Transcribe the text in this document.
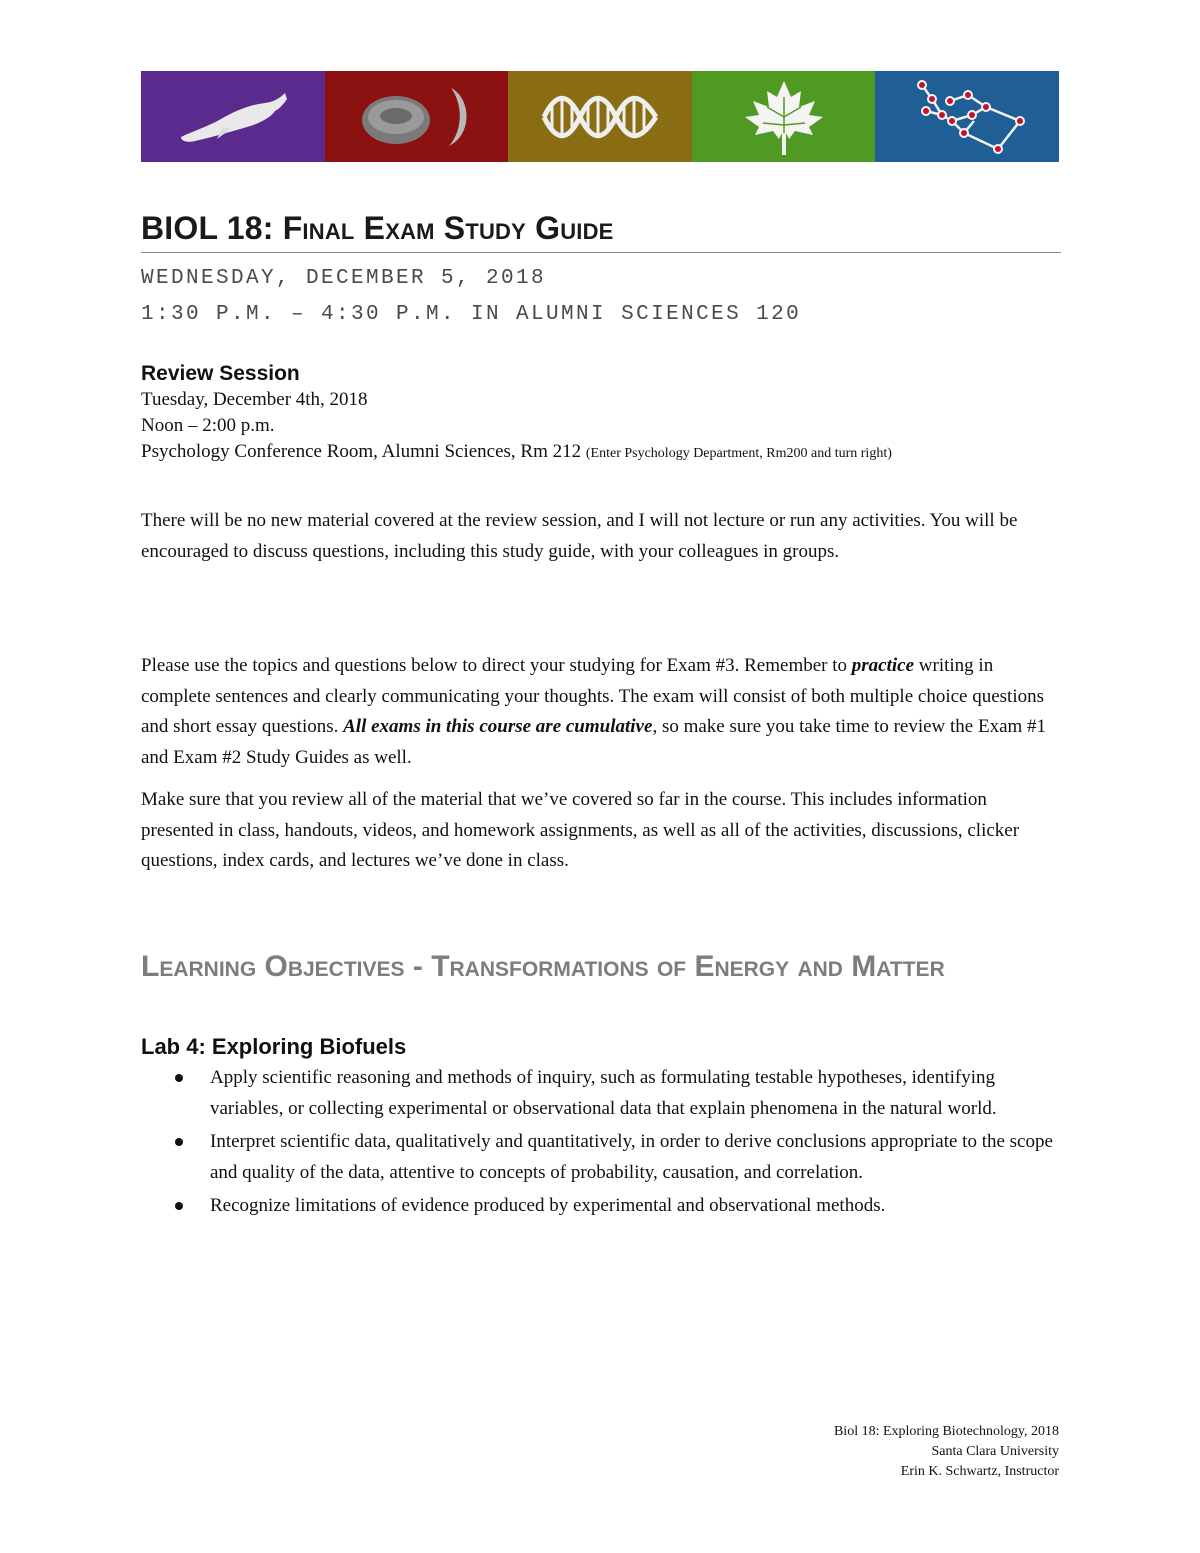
BIOL 18: Final Exam Study Guide
WEDNESDAY, DECEMBER 5, 2018
1:30 P.M. – 4:30 P.M. IN ALUMNI SCIENCES 120
Review Session
Tuesday, December 4th, 2018
Noon – 2:00 p.m.
Psychology Conference Room, Alumni Sciences, Rm 212 (Enter Psychology Department, Rm200 and turn right)

There will be no new material covered at the review session, and I will not lecture or run any activities. You will be encouraged to discuss questions, including this study guide, with your colleagues in groups.

Please use the topics and questions below to direct your studying for Exam #3. Remember to practice writing in complete sentences and clearly communicating your thoughts. The exam will consist of both multiple choice questions and short essay questions. All exams in this course are cumulative, so make sure you take time to review the Exam #1 and Exam #2 Study Guides as well.

Make sure that you review all of the material that we’ve covered so far in the course. This includes information presented in class, handouts, videos, and homework assignments, as well as all of the activities, discussions, clicker questions, index cards, and lectures we’ve done in class.

Learning Objectives - Transformations of Energy and Matter
Lab 4: Exploring Biofuels
Apply scientific reasoning and methods of inquiry, such as formulating testable hypotheses, identifying variables, or collecting experimental or observational data that explain phenomena in the natural world.
Interpret scientific data, qualitatively and quantitatively, in order to derive conclusions appropriate to the scope and quality of the data, attentive to concepts of probability, causation, and correlation.
Recognize limitations of evidence produced by experimental and observational methods.
Biol 18: Exploring Biotechnology, 2018
Santa Clara University
Erin K. Schwartz, Instructor
